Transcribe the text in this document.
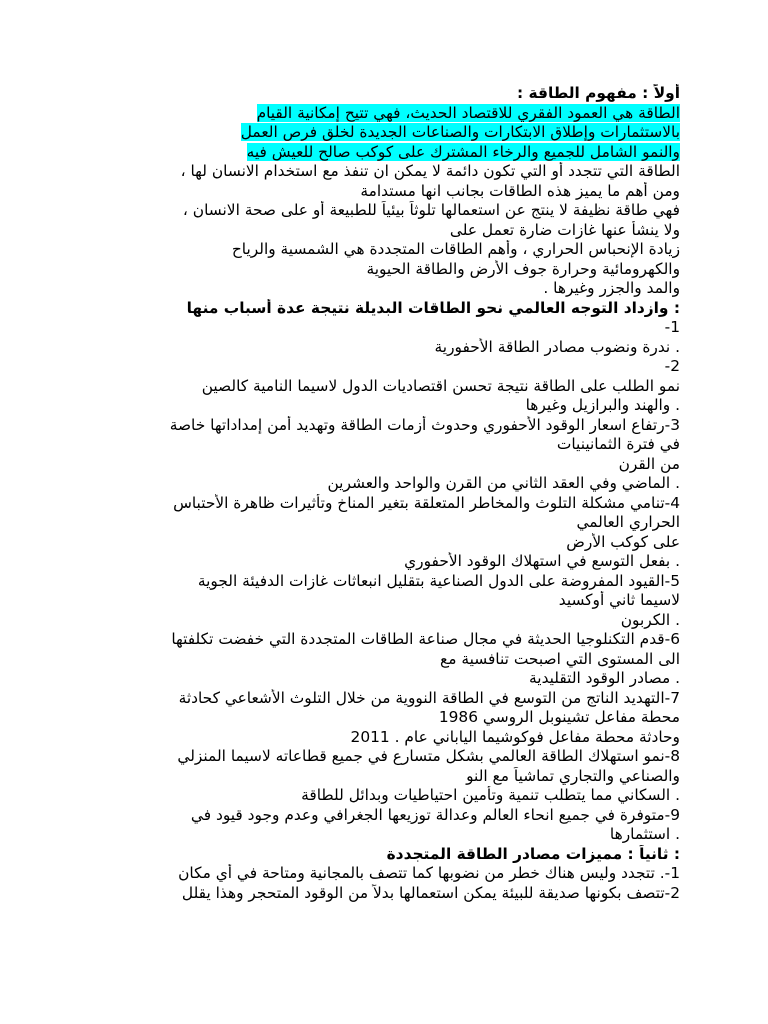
أولاً : مفهوم الطاقة :
الطاقة هي العمود الفقري للاقتصاد الحديث، فهي تتيح إمكانية القيام
بالاستثمارات وإطلاق الابتكارات والصناعات الجديدة لخلق فرص العمل
والنمو الشامل للجميع والرخاء المشترك على كوكب صالح للعيش فيه
الطاقة التي تتجدد أو التي تكون دائمة لا يمكن ان تنفذ مع استخدام الانسان لها ،
ومن أهم ما يميز هذه الطاقات بجانب انها مستدامة
فهي طاقة نظيفة لا ينتج عن استعمالها تلوثاً بيئياً للطبيعة أو على صحة الانسان ،
ولا ينشأ عنها غازات ضارة تعمل على
زيادة الإنحباس الحراري ، وأهم الطاقات المتجددة هي الشمسية والرياح
والكهرومائية وحرارة جوف الأرض والطاقة الحيوية
والمد والجزر وغيرها .
: وازداد التوجه العالمي نحو الطاقات البديلة نتيجة عدة أسباب منها
1-
. ندرة ونضوب مصادر الطاقة الأحفورية
2-
نمو الطلب على الطاقة نتيجة تحسن اقتصاديات الدول لاسيما النامية كالصين
. والهند والبرازيل وغيرها
3-رتفاع اسعار الوقود الأحفوري وحدوث أزمات الطاقة وتهديد أمن إمداداتها خاصة
في فترة الثمانينيات
من القرن
. الماضي وفي العقد الثاني من القرن والواحد والعشرين
4-تنامي مشكلة التلوث والمخاطر المتعلقة بتغير المناخ وتأثيرات ظاهرة الأحتباس
الحراري العالمي
على كوكب الأرض
. بفعل التوسع في استهلاك الوقود الأحفوري
5-القيود المفروضة على الدول الصناعية بتقليل انبعاثات غازات الدفيئة الجوية
لاسيما ثاني أوكسيد
. الكربون
6-قدم التكنلوجيا الحديثة في مجال صناعة الطاقات المتجددة التي خفضت تكلفتها
الى المستوى التي اصبحت تنافسية مع
. مصادر الوقود التقليدية
7-التهديد الناتج من التوسع في الطاقة النووية من خلال التلوث الأشعاعي كحادثة
محطة مفاعل تشينوبل الروسي 1986
وحادثة محطة مفاعل فوكوشيما الياباني عام . 2011
8-نمو استهلاك الطاقة العالمي بشكل متسارع في جميع قطاعاته لاسيما المنزلي
والصناعي والتجاري تماشياً مع النو
. السكاني مما يتطلب تنمية وتأمين احتياطيات وبدائل للطاقة
9-متوفرة في جميع انحاء العالم وعدالة توزيعها الجغرافي وعدم وجود قيود في
. استثمارها
: ثانياً : مميزات مصادر الطاقة المتجددة
1-. تتجدد وليس هناك خطر من نضوبها كما تتصف بالمجانية ومتاحة في أي مكان
2-تتصف بكونها صديقة للبيئة يمكن استعمالها بدلاً من الوقود المتحجر وهذا يقلل
